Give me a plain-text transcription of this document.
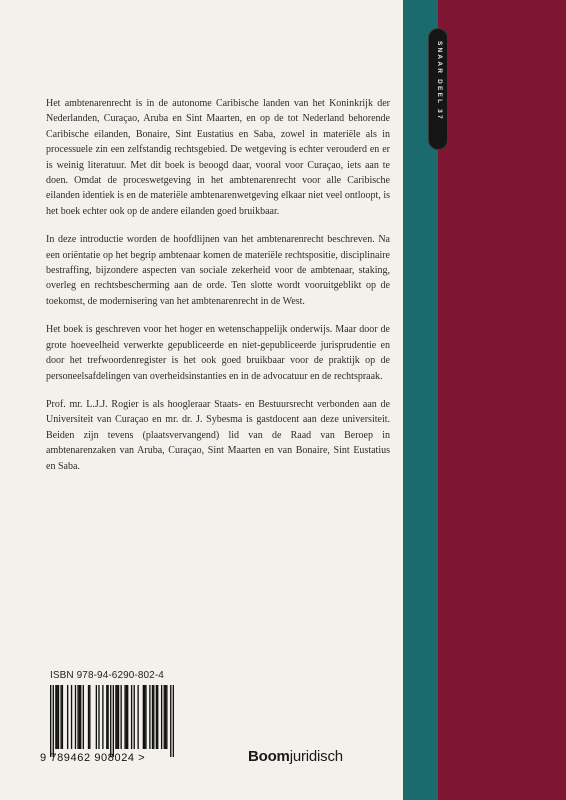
Het ambtenarenrecht is in de autonome Caribische landen van het Koninkrijk der Nederlanden, Curaçao, Aruba en Sint Maarten, en op de tot Nederland behorende Caribische eilanden, Bonaire, Sint Eustatius en Saba, zowel in materiële als in processuele zin een zelfstandig rechtsgebied. De wetgeving is echter verouderd en er is weinig literatuur. Met dit boek is beoogd daar, vooral voor Curaçao, iets aan te doen. Omdat de proceswetgeving in het ambtenarenrecht voor alle Caribische eilanden identiek is en de materiële ambtenarenwetgeving elkaar niet veel ontloopt, is het boek echter ook op de andere eilanden goed bruikbaar.

In deze introductie worden de hoofdlijnen van het ambtenarenrecht beschreven. Na een oriëntatie op het begrip ambtenaar komen de materiële rechtspositie, disciplinaire bestraffing, bijzondere aspecten van sociale zekerheid voor de ambtenaar, staking, overleg en rechtsbescherming aan de orde. Ten slotte wordt vooruitgeblikt op de toekomst, de modernisering van het ambtenarenrecht in de West.

Het boek is geschreven voor het hoger en wetenschappelijk onderwijs. Maar door de grote hoeveelheid verwerkte gepubliceerde en niet-gepubliceerde jurisprudentie en door het trefwoordenregister is het ook goed bruikbaar voor de praktijk op de personeelsafdelingen van overheidsinstanties en in de advocatuur en de rechtspraak.

Prof. mr. L.J.J. Rogier is als hoogleraar Staats- en Bestuursrecht verbonden aan de Universiteit van Curaçao en mr. dr. J. Sybesma is gastdocent aan deze universiteit. Beiden zijn tevens (plaatsvervangend) lid van de Raad van Beroep in ambtenarenzaken van Aruba, Curaçao, Sint Maarten en van Bonaire, Sint Eustatius en Saba.

ISBN 978-94-6290-802-4
9 789462 908024 >	Boomjuridisch
SNAAR DEEL 37
